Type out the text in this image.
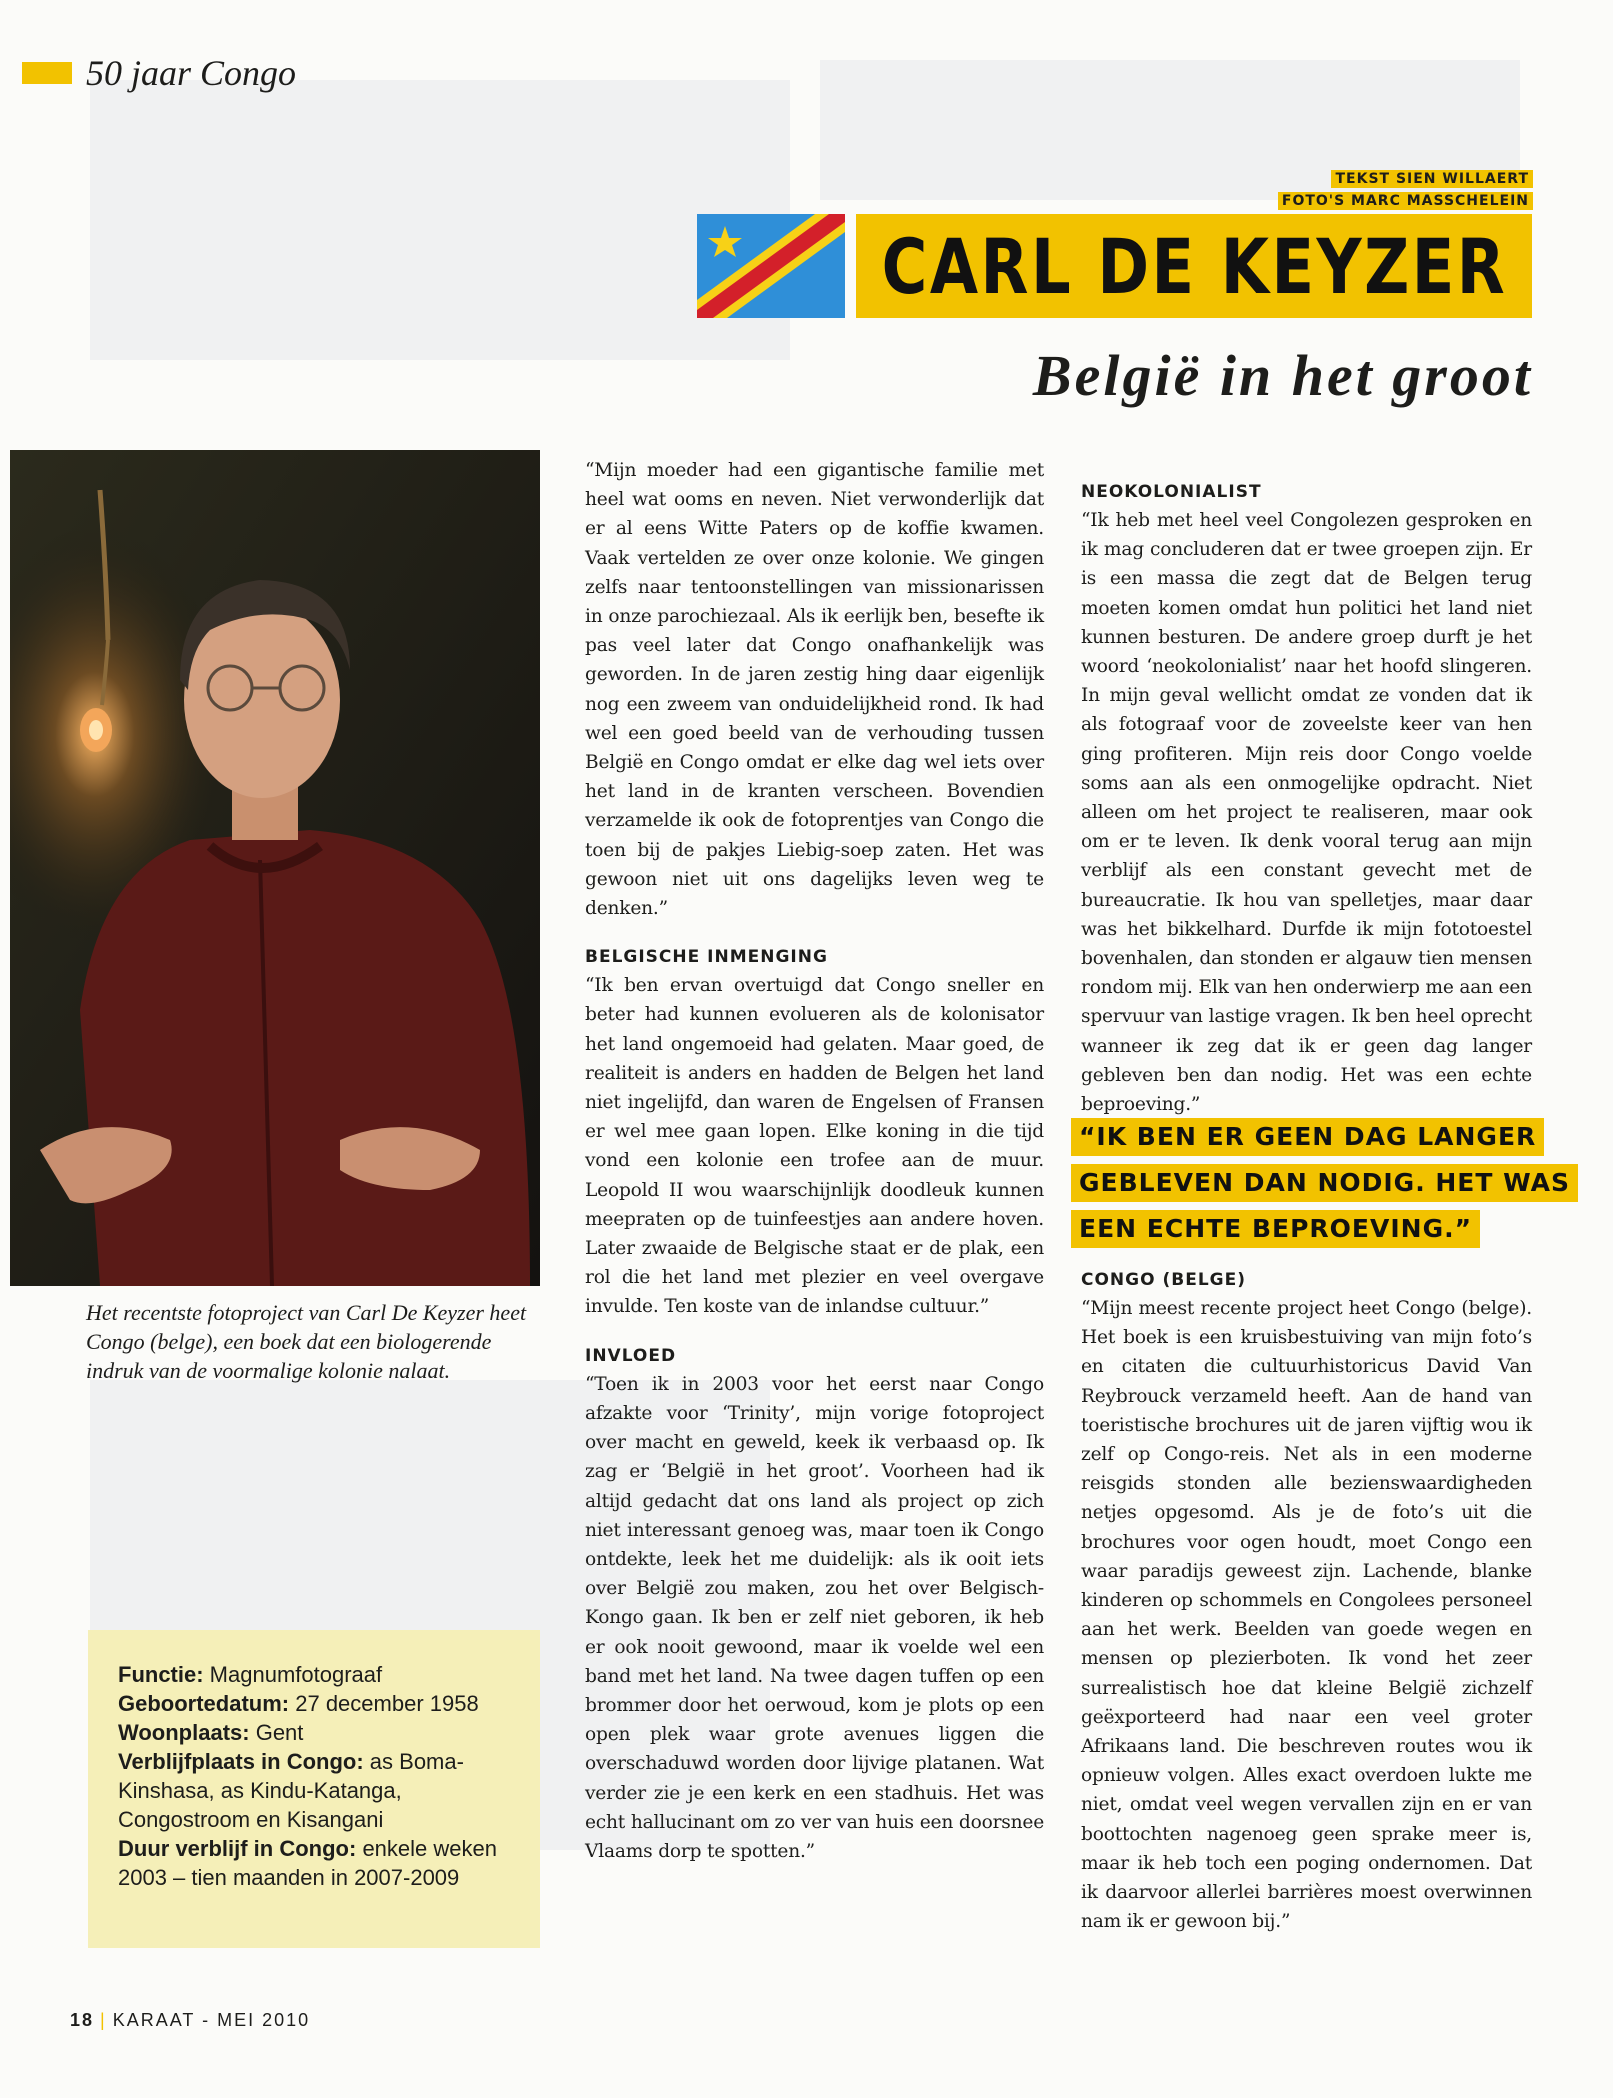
50 jaar Congo
TEKST SIEN WILLAERT
FOTO'S MARC MASSCHELEIN
CARL DE KEYZER
België in het groot
Het recentste fotoproject van Carl De Keyzer heet Congo (belge), een boek dat een biologerende indruk van de voormalige kolonie nalaat.

Functie: Magnumfotograaf

Geboortedatum: 27 december 1958

Woonplaats: Gent

Verblijfplaats in Congo: as Boma-Kinshasa, as Kindu-Katanga, Congostroom en Kisangani

Duur verblijf in Congo: enkele weken 2003 – tien maanden in 2007-2009

“Mijn moeder had een gigantische familie met heel wat ooms en neven. Niet verwonderlijk dat er al eens Witte Paters op de koffie kwamen. Vaak vertelden ze over onze kolonie. We gingen zelfs naar tentoonstellingen van missionarissen in onze parochiezaal. Als ik eerlijk ben, besefte ik pas veel later dat Congo onafhankelijk was geworden. In de jaren zestig hing daar eigenlijk nog een zweem van onduidelijkheid rond. Ik had wel een goed beeld van de verhouding tussen België en Congo omdat er elke dag wel iets over het land in de kranten verscheen. Bovendien verzamelde ik ook de fotoprentjes van Congo die toen bij de pakjes Liebig-soep zaten. Het was gewoon niet uit ons dagelijks leven weg te denken.”

BELGISCHE INMENGING

“Ik ben ervan overtuigd dat Congo sneller en beter had kunnen evolueren als de kolonisator het land ongemoeid had gelaten. Maar goed, de realiteit is anders en hadden de Belgen het land niet ingelijfd, dan waren de Engelsen of Fransen er wel mee gaan lopen. Elke koning in die tijd vond een kolonie een trofee aan de muur. Leopold II wou waarschijnlijk doodleuk kunnen meepraten op de tuinfeestjes aan andere hoven. Later zwaaide de Belgische staat er de plak, een rol die het land met plezier en veel overgave invulde. Ten koste van de inlandse cultuur.”

INVLOED

“Toen ik in 2003 voor het eerst naar Congo afzakte voor ‘Trinity’, mijn vorige fotoproject over macht en geweld, keek ik verbaasd op. Ik zag er ‘België in het groot’. Voorheen had ik altijd gedacht dat ons land als project op zich niet interessant genoeg was, maar toen ik Congo ontdekte, leek het me duidelijk: als ik ooit iets over België zou maken, zou het over Belgisch-Kongo gaan. Ik ben er zelf niet geboren, ik heb er ook nooit gewoond, maar ik voelde wel een band met het land. Na twee dagen tuffen op een brommer door het oerwoud, kom je plots op een open plek waar grote avenues liggen die overschaduwd worden door lijvige platanen. Wat verder zie je een kerk en een stadhuis. Het was echt hallucinant om zo ver van huis een doorsnee Vlaams dorp te spotten.”

NEOKOLONIALIST

“Ik heb met heel veel Congolezen gesproken en ik mag concluderen dat er twee groepen zijn. Er is een massa die zegt dat de Belgen terug moeten komen omdat hun politici het land niet kunnen besturen. De andere groep durft je het woord ‘neokolonialist’ naar het hoofd slingeren. In mijn geval wellicht omdat ze vonden dat ik als fotograaf voor de zoveelste keer van hen ging profiteren. Mijn reis door Congo voelde soms aan als een onmogelijke opdracht. Niet alleen om het project te realiseren, maar ook om er te leven. Ik denk vooral terug aan mijn verblijf als een constant gevecht met de bureaucratie. Ik hou van spelletjes, maar daar was het bikkelhard. Durfde ik mijn fototoestel bovenhalen, dan stonden er algauw tien mensen rondom mij. Elk van hen onderwierp me aan een spervuur van lastige vragen. Ik ben heel oprecht wanneer ik zeg dat ik er geen dag langer gebleven ben dan nodig. Het was een echte beproeving.”

“IK BEN ER GEEN DAG LANGER
GEBLEVEN DAN NODIG. HET WAS
EEN ECHTE BEPROEVING.”

CONGO (BELGE)

“Mijn meest recente project heet Congo (belge). Het boek is een kruisbestuiving van mijn foto’s en citaten die cultuurhistoricus David Van Reybrouck verzameld heeft. Aan de hand van toeristische brochures uit de jaren vijftig wou ik zelf op Congo-reis. Net als in een moderne reisgids stonden alle bezienswaardigheden netjes opgesomd. Als je de foto’s uit die brochures voor ogen houdt, moet Congo een waar paradijs geweest zijn. Lachende, blanke kinderen op schommels en Congolees personeel aan het werk. Beelden van goede wegen en mensen op plezierboten. Ik vond het zeer surrealistisch hoe dat kleine België zichzelf geëxporteerd had naar een veel groter Afrikaans land. Die beschreven routes wou ik opnieuw volgen. Alles exact overdoen lukte me niet, omdat veel wegen vervallen zijn en er van boottochten nagenoeg geen sprake meer is, maar ik heb toch een poging ondernomen. Dat ik daarvoor allerlei barrières moest overwinnen nam ik er gewoon bij.”

18 | KARAAT - MEI 2010
